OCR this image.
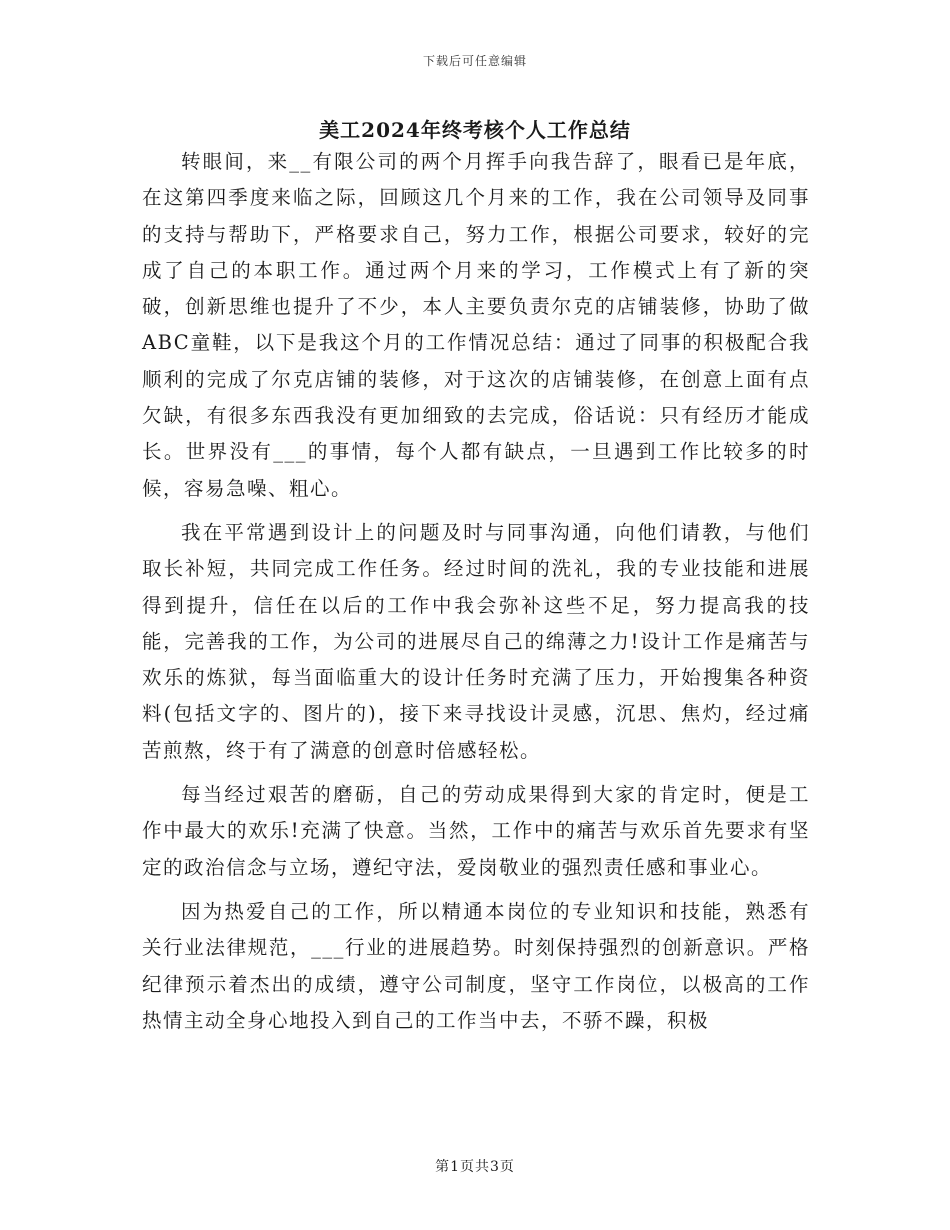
下载后可任意编辑
美工2024年终考核个人工作总结

转眼间，来__有限公司的两个月挥手向我告辞了，眼看已是年底，在这第四季度来临之际，回顾这几个月来的工作，我在公司领导及同事的支持与帮助下，严格要求自己，努力工作，根据公司要求，较好的完成了自己的本职工作。通过两个月来的学习，工作模式上有了新的突破，创新思维也提升了不少，本人主要负责尔克的店铺装修，协助了做ABC童鞋，以下是我这个月的工作情况总结：通过了同事的积极配合我顺利的完成了尔克店铺的装修，对于这次的店铺装修，在创意上面有点欠缺，有很多东西我没有更加细致的去完成，俗话说：只有经历才能成长。世界没有___的事情，每个人都有缺点，一旦遇到工作比较多的时候，容易急噪、粗心。

我在平常遇到设计上的问题及时与同事沟通，向他们请教，与他们取长补短，共同完成工作任务。经过时间的洗礼，我的专业技能和进展得到提升，信任在以后的工作中我会弥补这些不足，努力提高我的技能，完善我的工作，为公司的进展尽自己的绵薄之力!设计工作是痛苦与欢乐的炼狱，每当面临重大的设计任务时充满了压力，开始搜集各种资料(包括文字的、图片的)，接下来寻找设计灵感，沉思、焦灼，经过痛苦煎熬，终于有了满意的创意时倍感轻松。

每当经过艰苦的磨砺，自己的劳动成果得到大家的肯定时，便是工作中最大的欢乐!充满了快意。当然，工作中的痛苦与欢乐首先要求有坚定的政治信念与立场，遵纪守法，爱岗敬业的强烈责任感和事业心。

因为热爱自己的工作，所以精通本岗位的专业知识和技能，熟悉有关行业法律规范，___行业的进展趋势。时刻保持强烈的创新意识。严格纪律预示着杰出的成绩，遵守公司制度，坚守工作岗位，以极高的工作热情主动全身心地投入到自己的工作当中去，不骄不躁，积极

第1页共3页
